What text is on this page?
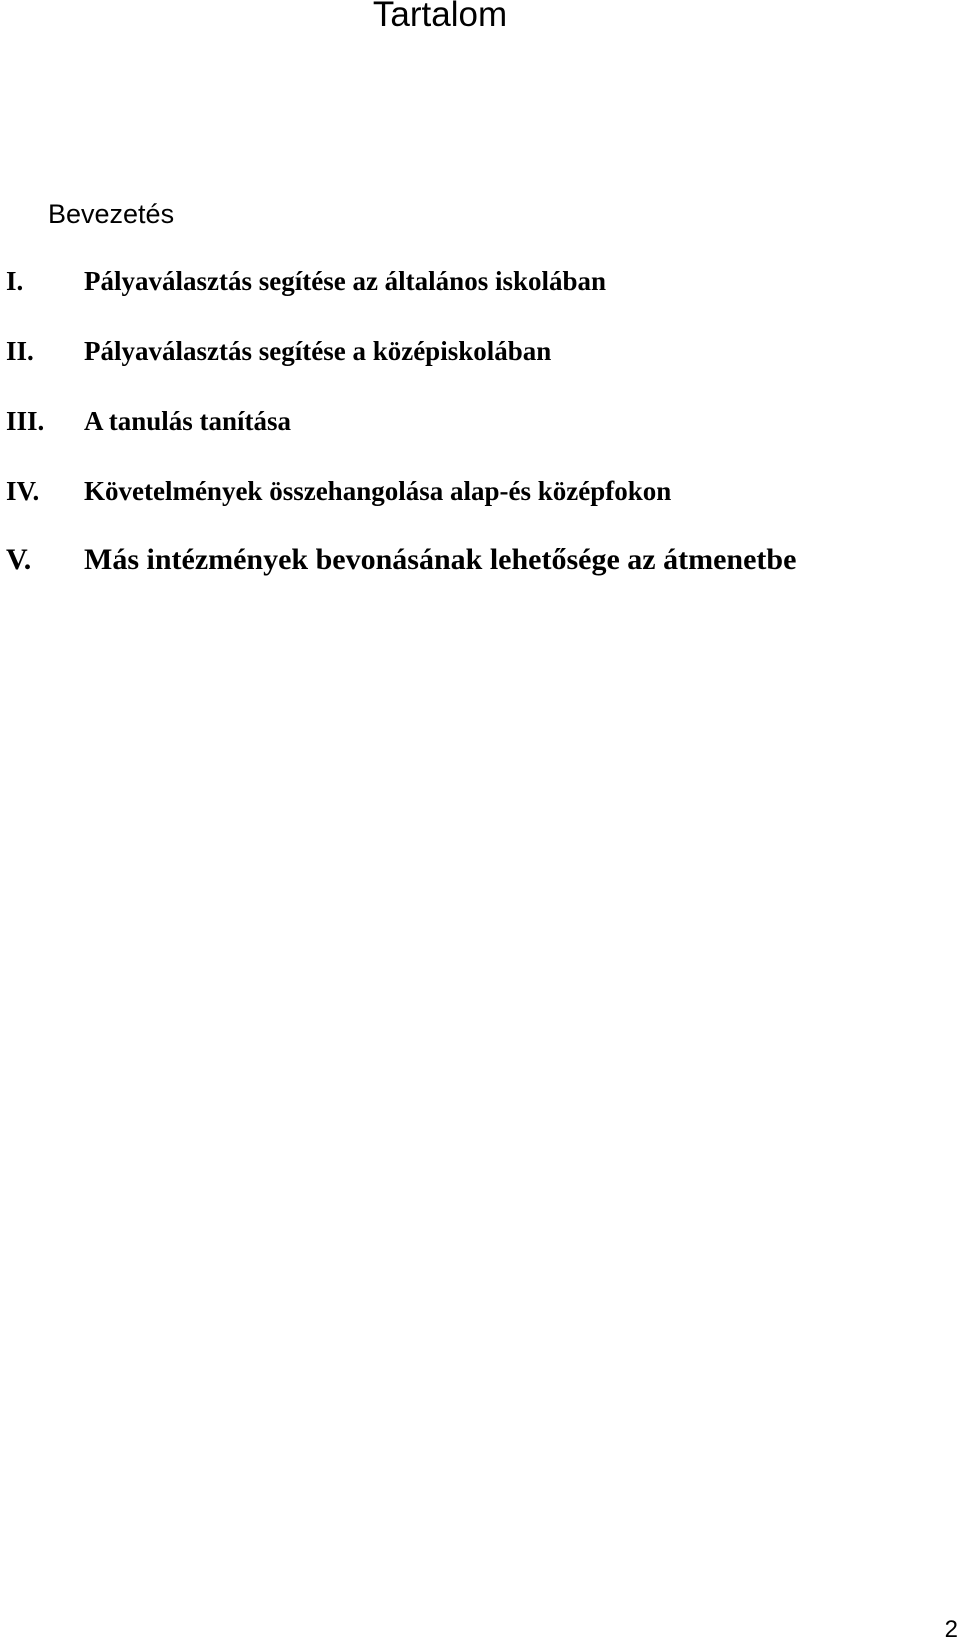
Tartalom
Bevezetés
I. Pályaválasztás segítése az általános iskolában
II. Pályaválasztás segítése a középiskolában
III. A tanulás tanítása
IV. Követelmények összehangolása alap-és középfokon
V. Más intézmények bevonásának lehetősége az átmenetbe
2
